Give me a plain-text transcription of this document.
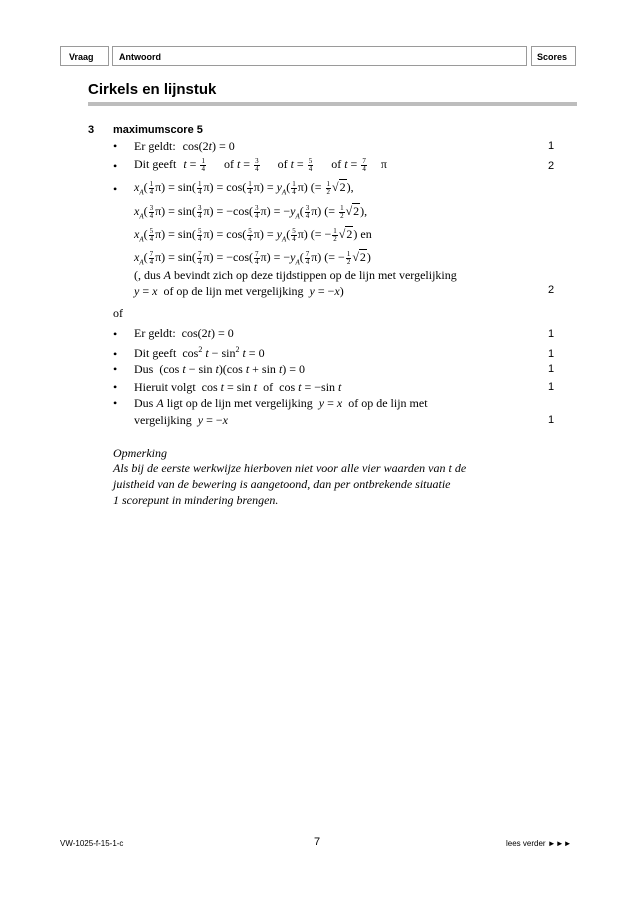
Vraag	Antwoord	Scores
Cirkels en lijnstuk
3 maximumscore 5
• Er geldt: cos(2t) = 0	1
• Dit geeft $t = \frac{1}{4}$ of $t = \frac{3}{4}$ of $t = \frac{5}{4}$ of $t = \frac{7}{4}$ π	2
• $x_A( \frac{1}{4} \pi) = \sin( \frac{1}{4} \pi) = \cos( \frac{1}{4} \pi) = y_A( \frac{1}{4} \pi)$ (= $\frac{1}{2} √2$),
$x_A( \frac{3}{4} \pi) = \sin( \frac{3}{4} \pi) = -\cos( \frac{3}{4} \pi) = -y_A( \frac{3}{4} \pi)$ (= $\frac{1}{2} √2$),
$x_A( \frac{5}{4} \pi) = \sin( \frac{5}{4} \pi) = \cos( \frac{5}{4} \pi) = y_A( \frac{5}{4} \pi)$ (= − $\frac{1}{2} √2$) en
$x_A( \frac{7}{4} \pi) = \sin( \frac{7}{4} \pi) = -\cos( \frac{7}{4} \pi) = -y_A( \frac{7}{4} \pi)$ (= − $\frac{1}{2} √2$)
(, dus A bevindt zich op deze tijdstippen op de lijn met vergelijking
y = x  of op de lijn met vergelijking  y = −x)	2
of
• Er geldt:  cos(2t) = 0	1
• Dit geeft  $\cos^2 t - \sin^2 t = 0$	1
• Dus  (cos t − sin t)(cos t + sin t) = 0	1
• Hieruit volgt  cos t = sin t  of  cos t = −sin t	1
• Dus A ligt op de lijn met vergelijking  y = x  of op de lijn met
vergelijking  y = −x	1
Opmerking
Als bij de eerste werkwijze hierboven niet voor alle vier waarden van t de
juistheid van de bewering is aangetoond, dan per ontbrekende situatie
1 scorepunt in mindering brengen.
VW-1025-f-15-1-c	7	lees verder ►►►
